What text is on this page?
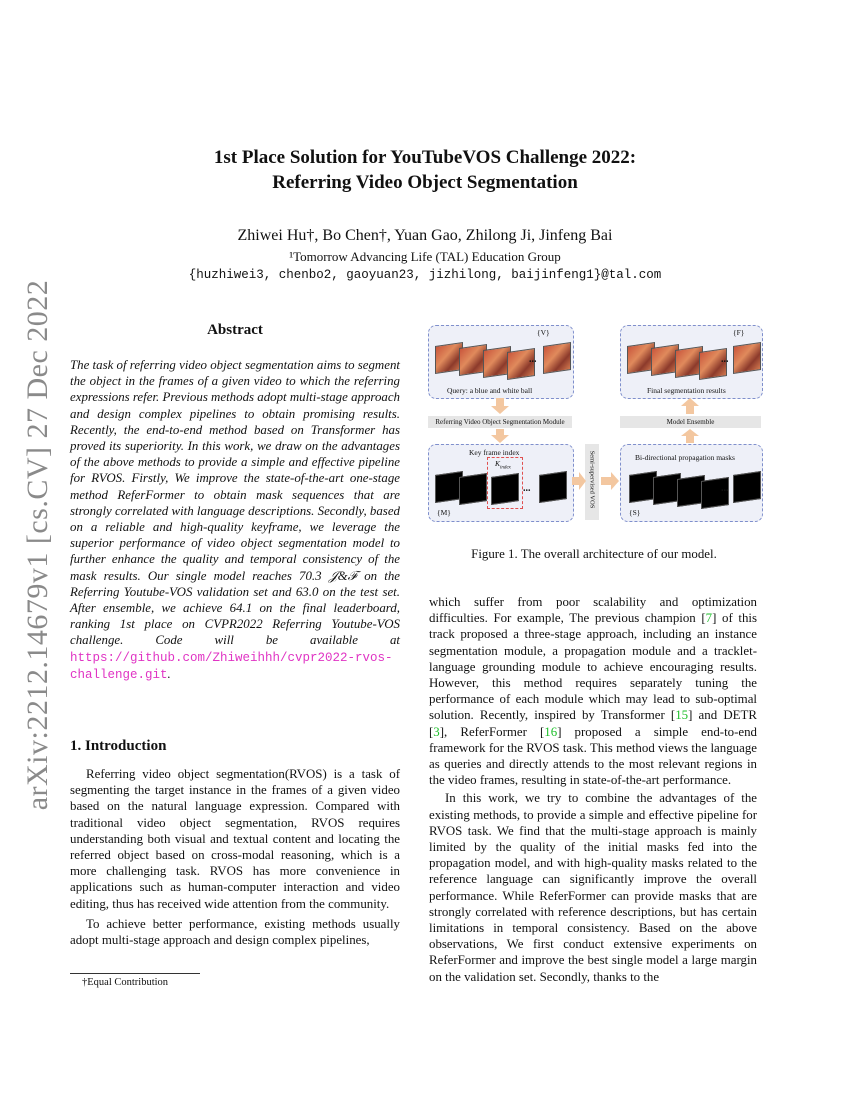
arXiv:2212.14679v1 [cs.CV] 27 Dec 2022
1st Place Solution for YouTubeVOS Challenge 2022:
Referring Video Object Segmentation
Zhiwei Hu†, Bo Chen†, Yuan Gao, Zhilong Ji, Jinfeng Bai
¹Tomorrow Advancing Life (TAL) Education Group
{huzhiwei3, chenbo2, gaoyuan23, jizhilong, baijinfeng1}@tal.com
Abstract
The task of referring video object segmentation aims to segment the object in the frames of a given video to which the referring expressions refer. Previous methods adopt multi-stage approach and design complex pipelines to obtain promising results. Recently, the end-to-end method based on Transformer has proved its superiority. In this work, we draw on the advantages of the above methods to provide a simple and effective pipeline for RVOS. Firstly, We improve the state-of-the-art one-stage method ReferFormer to obtain mask sequences that are strongly correlated with language descriptions. Secondly, based on a reliable and high-quality keyframe, we leverage the superior performance of video object segmentation model to further enhance the quality and temporal consistency of the mask results. Our single model reaches 70.3 𝒥&ℱ on the Referring Youtube-VOS validation set and 63.0 on the test set. After ensemble, we achieve 64.1 on the final leaderboard, ranking 1st place on CVPR2022 Referring Youtube-VOS challenge. Code will be available at https://github.com/Zhiweihhh/cvpr2022-rvos-challenge.git.
1. Introduction

Referring video object segmentation(RVOS) is a task of segmenting the target instance in the frames of a given video based on the natural language expression. Compared with traditional video object segmentation, RVOS requires understanding both visual and textual content and locating the referred object based on cross-modal reasoning, which is a more challenging task. RVOS has more convenience in applications such as human-computer interaction and video editing, thus has received wide attention from the community.

To achieve better performance, existing methods usually adopt multi-stage approach and design complex pipelines,

†Equal Contribution
{V}
...
Query: a blue and white ball
{F}
...
Final segmentation results
Referring Video Object Segmentation Module	Model Ensemble
Key frame index
$K_{index}$
...
{M}
Semi-supervised VOS	Bi-directional propagation masks
...
{S}
Figure 1. The overall architecture of our model.

which suffer from poor scalability and optimization difficulties. For example, The previous champion [7] of this track proposed a three-stage approach, including an instance segmentation module, a propagation module and a tracklet-language grounding module to achieve encouraging results. However, this method requires separately tuning the performance of each module which may lead to sub-optimal solution. Recently, inspired by Transformer [15] and DETR [3], ReferFormer [16] proposed a simple end-to-end framework for the RVOS task. This method views the language as queries and directly attends to the most relevant regions in the video frames, resulting in state-of-the-art performance.

In this work, we try to combine the advantages of the existing methods, to provide a simple and effective pipeline for RVOS task. We find that the multi-stage approach is mainly limited by the quality of the initial masks fed into the propagation model, and with high-quality masks related to the reference language can significantly improve the overall performance. While ReferFormer can provide masks that are strongly correlated with reference descriptions, but has certain limitations in temporal consistency. Based on the above observations, We first conduct extensive experiments on ReferFormer and improve the best single model a large margin on the validation set. Secondly, thanks to the
